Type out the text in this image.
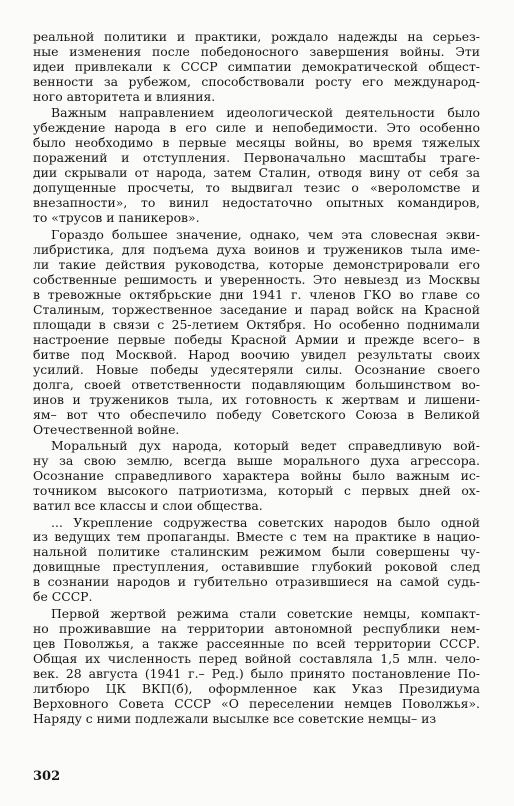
реальной политики и практики, рождало надежды на серьез-
ные изменения после победоносного завершения войны. Эти
идеи привлекали к СССР симпатии демократической общест-
венности за рубежом, способствовали росту его международ-
ного авторитета и влияния.
Важным направлением идеологической деятельности было
убеждение народа в его силе и непобедимости. Это особенно
было необходимо в первые месяцы войны, во время тяжелых
поражений и отступления. Первоначально масштабы траге-
дии скрывали от народа, затем Сталин, отводя вину от себя за
допущенные просчеты, то выдвигал тезис о «вероломстве и
внезапности», то винил недостаточно опытных командиров,
то «трусов и паникеров».
Гораздо большее значение, однако, чем эта словесная экви-
либристика, для подъема духа воинов и тружеников тыла име-
ли такие действия руководства, которые демонстрировали его
собственные решимость и уверенность. Это невыезд из Москвы
в тревожные октябрьские дни 1941 г. членов ГКО во главе со
Сталиным, торжественное заседание и парад войск на Красной
площади в связи с 25-летием Октября. Но особенно поднимали
настроение первые победы Красной Армии и прежде всего– в
битве под Москвой. Народ воочию увидел результаты своих
усилий. Новые победы удесятеряли силы. Осознание своего
долга, своей ответственности подавляющим большинством во-
инов и тружеников тыла, их готовность к жертвам и лишени-
ям– вот что обеспечило победу Советского Союза в Великой
Отечественной войне.
Моральный дух народа, который ведет справедливую вой-
ну за свою землю, всегда выше морального духа агрессора.
Осознание справедливого характера войны было важным ис-
точником высокого патриотизма, который с первых дней ох-
ватил все классы и слои общества.
... Укрепление содружества советских народов было одной
из ведущих тем пропаганды. Вместе с тем на практике в нацио-
нальной политике сталинским режимом были совершены чу-
довищные преступления, оставившие глубокий роковой след
в сознании народов и губительно отразившиеся на самой судь-
бе СССР.
Первой жертвой режима стали советские немцы, компакт-
но проживавшие на территории автономной республики нем-
цев Поволжья, а также рассеянные по всей территории СССР.
Общая их численность перед войной составляла 1,5 млн. чело-
век. 28 августа (1941 г.– Ред.) было принято постановление По-
литбюро ЦК ВКП(б), оформленное как Указ Президиума
Верховного Совета СССР «О переселении немцев Поволжья».
Наряду с ними подлежали высылке все советские немцы– из
302
